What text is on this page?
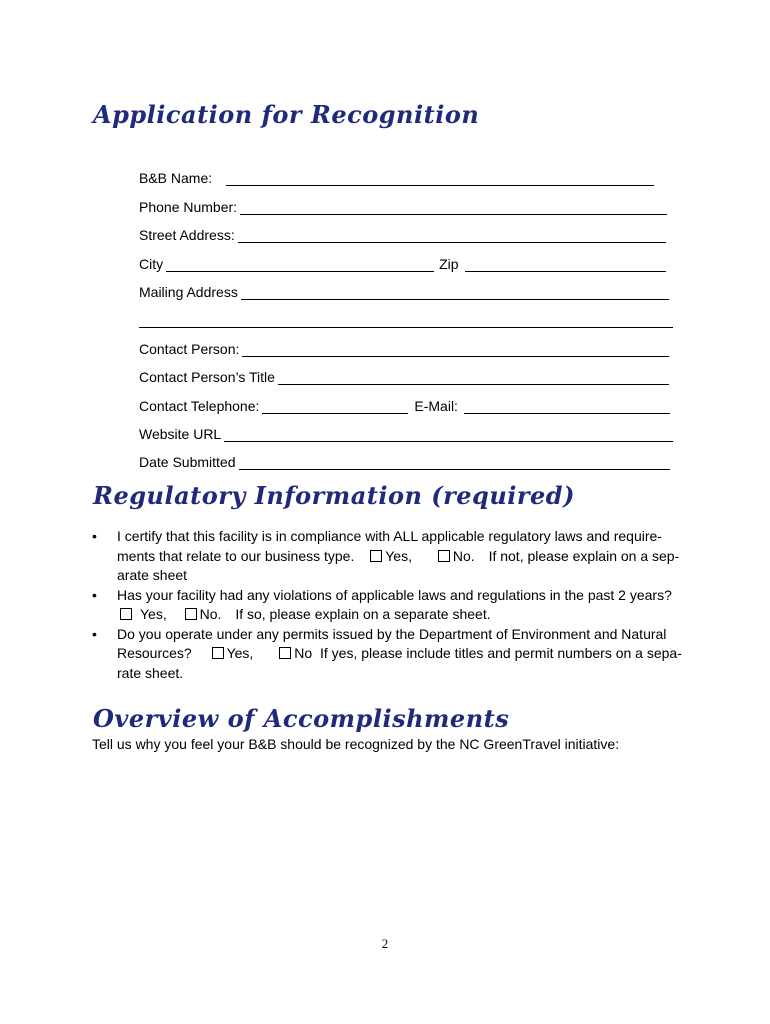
Application for Recognition
B&B Name:
Phone Number:
Street Address:
City	Zip
Mailing Address
Contact Person:
Contact Person’s Title
Contact Telephone:	E-Mail:
Website URL
Date Submitted
Regulatory Information (required)
• I certify that this facility is in compliance with ALL applicable regulatory laws and require-ments that relate to our business type. Yes,	No. If not, please explain on a sep-arate sheet
• Has your facility had any violations of applicable laws and regulations in the past 2 years?
Yes, No. If so, please explain on a separate sheet.
• Do you operate under any permits issued by the Department of Environment and Natural Resources? Yes,	No If yes, please include titles and permit numbers on a sepa-rate sheet.
Overview of Accomplishments
Tell us why you feel your B&B should be recognized by the NC GreenTravel initiative:
2
